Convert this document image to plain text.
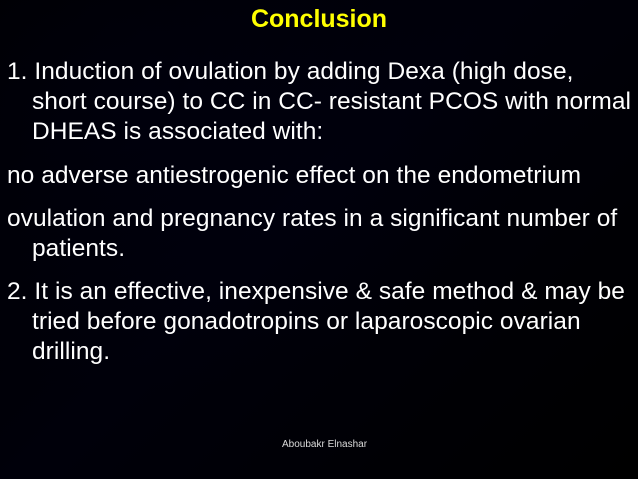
Conclusion

1. Induction of ovulation by adding Dexa (high dose, short course) to CC in CC- resistant PCOS with normal DHEAS is associated with:

no adverse antiestrogenic effect on the endometrium

ovulation and pregnancy rates in a significant number of patients.

2. It is an effective, inexpensive & safe method & may be tried before gonadotropins or laparoscopic ovarian drilling.

Aboubakr Elnashar
